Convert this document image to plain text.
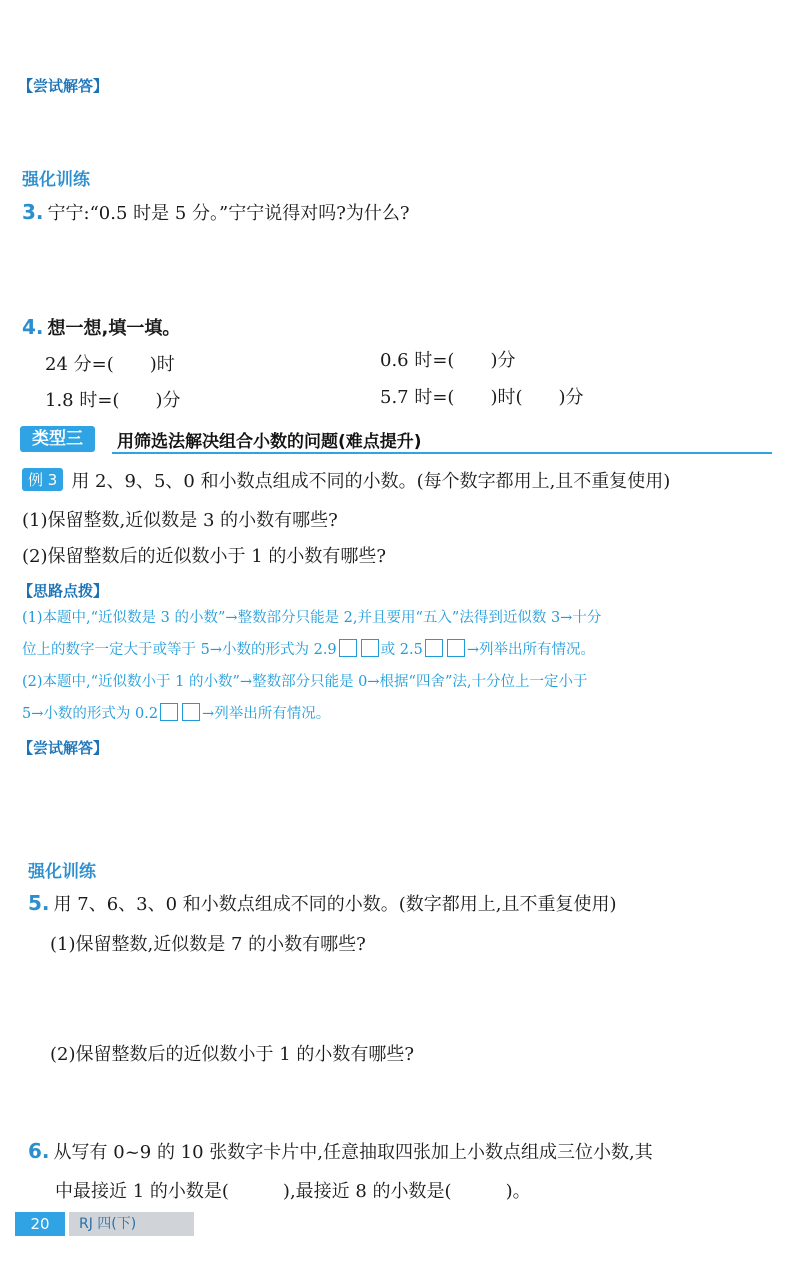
【尝试解答】
强化训练
3. 宁宁:“0.5 时是 5 分。”宁宁说得对吗?为什么?
4. 想一想,填一填。
24 分=(　　)时	0.6 时=(　　)分
1.8 时=(　　)分	5.7 时=(　　)时(　　)分
类型三	用筛选法解决组合小数的问题(难点提升)
例 3 用 2、9、5、0 和小数点组成不同的小数。(每个数字都用上,且不重复使用)
(1)保留整数,近似数是 3 的小数有哪些?
(2)保留整数后的近似数小于 1 的小数有哪些?
【思路点拨】
(1)本题中,“近似数是 3 的小数”→整数部分只能是 2,并且要用“五入”法得到近似数 3→十分
位上的数字一定大于或等于 5→小数的形式为 2.9	或 2.5	→列举出所有情况。
(2)本题中,“近似数小于 1 的小数”→整数部分只能是 0→根据“四舍”法,十分位上一定小于
5→小数的形式为 0.2	→列举出所有情况。
【尝试解答】
强化训练
5. 用 7、6、3、0 和小数点组成不同的小数。(数字都用上,且不重复使用)
(1)保留整数,近似数是 7 的小数有哪些?
(2)保留整数后的近似数小于 1 的小数有哪些?
6. 从写有 0~9 的 10 张数字卡片中,任意抽取四张加上小数点组成三位小数,其
中最接近 1 的小数是(　　　),最接近 8 的小数是(　　　)。
20	RJ 四(下)
